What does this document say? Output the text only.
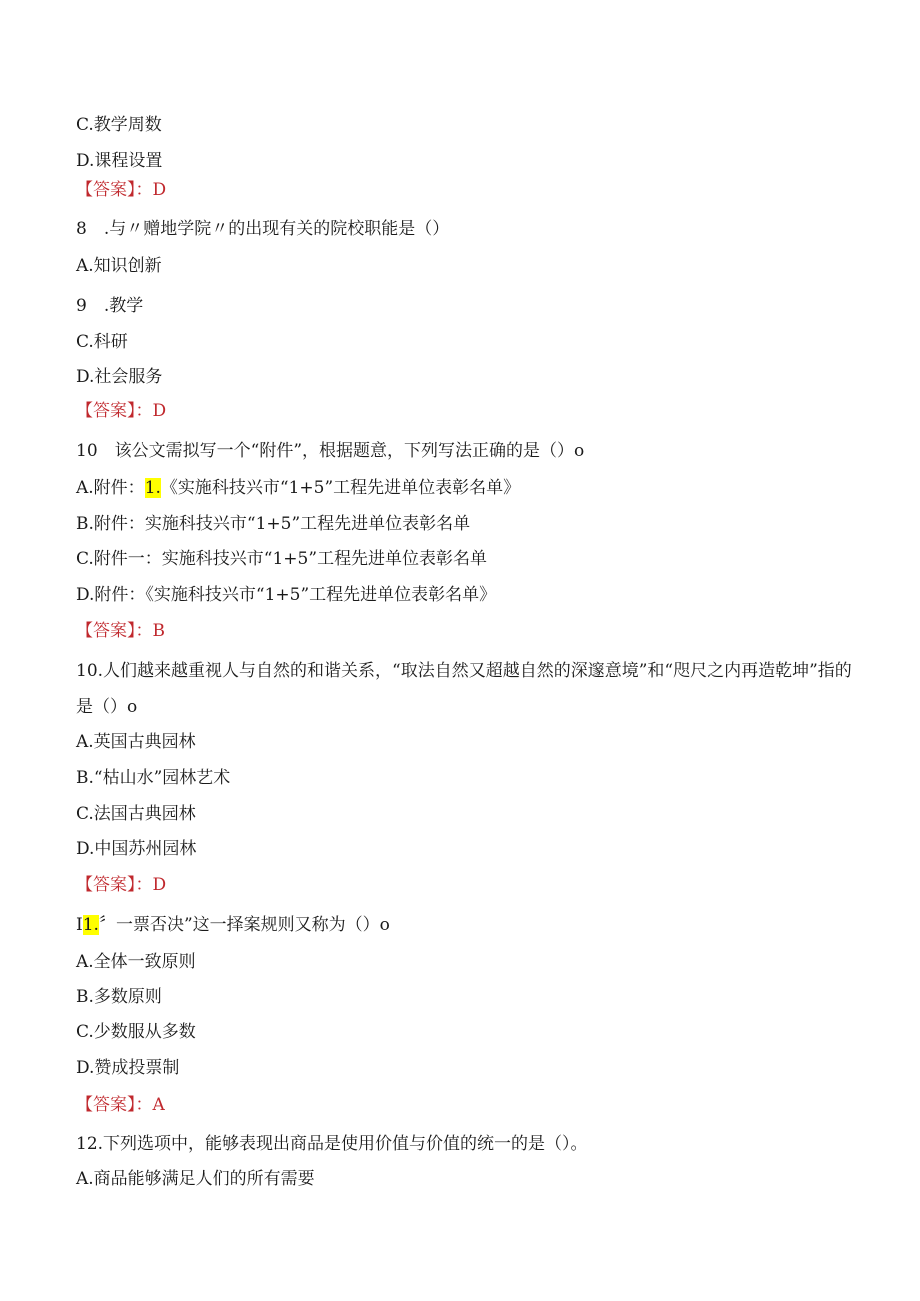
C.教学周数
D.课程设置
【答案】：D
8　.与〃赠地学院〃的出现有关的院校职能是（）
A.知识创新
9　.教学
C.科研
D.社会服务
【答案】：D
10　该公文需拟写一个“附件”，根据题意，下列写法正确的是（）o
A.附件：1.《实施科技兴市“1+5”工程先进单位表彰名单》
B.附件：实施科技兴市“1+5”工程先进单位表彰名单
C.附件一：实施科技兴市“1+5”工程先进单位表彰名单
D.附件：《实施科技兴市“1+5”工程先进单位表彰名单》
【答案】：B
10.人们越来越重视人与自然的和谐关系，“取法自然又超越自然的深邃意境”和“咫尺之内再造乾坤”指的是（）o
A.英国古典园林
B.“枯山水”园林艺术
C.法国古典园林
D.中国苏州园林
【答案】：D
I1.〞一票否决”这一择案规则又称为（）o
A.全体一致原则
B.多数原则
C.少数服从多数
D.赞成投票制
【答案】：A
12.下列选项中，能够表现出商品是使用价值与价值的统一的是（）。
A.商品能够满足人们的所有需要
